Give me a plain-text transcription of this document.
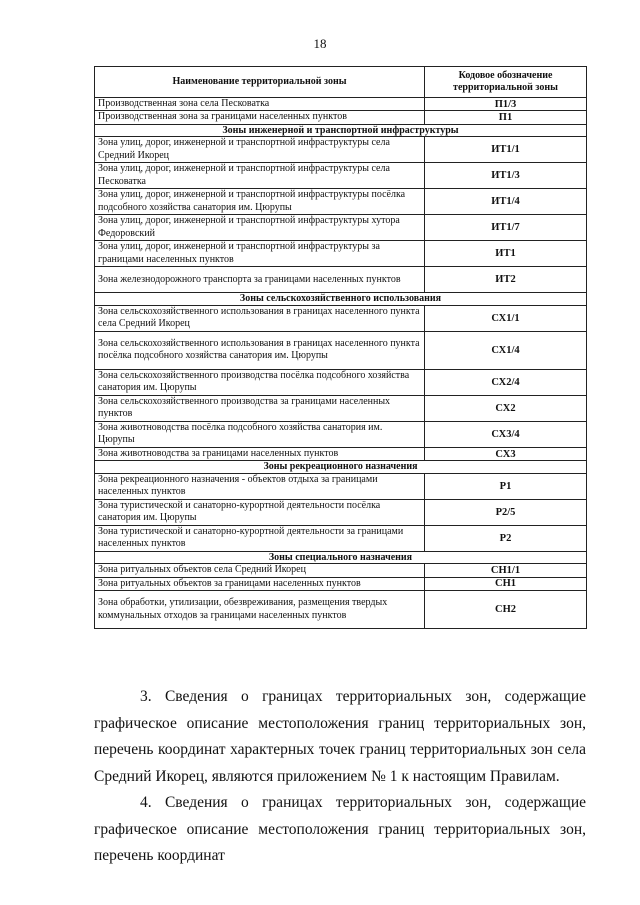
18
Наименование территориальной зоны	Кодовое обозначение территориальной зоны
Производственная зона села Песковатка	П1/3
Производственная зона за границами населенных пунктов	П1
Зоны инженерной и транспортной инфраструктуры	
Зона улиц, дорог, инженерной и транспортной инфраструктуры села Средний Икорец	ИТ1/1
Зона улиц, дорог, инженерной и транспортной инфраструктуры села Песковатка	ИТ1/3
Зона улиц, дорог, инженерной и транспортной инфраструктуры посёлка подсобного хозяйства санатория им. Цюрупы	ИТ1/4
Зона улиц, дорог, инженерной и транспортной инфраструктуры хутора Федоровский	ИТ1/7
Зона улиц, дорог, инженерной и транспортной инфраструктуры за границами населенных пунктов	ИТ1
Зона железнодорожного транспорта за границами населенных пунктов	ИТ2
Зоны сельскохозяйственного использования	
Зона сельскохозяйственного использования в границах населенного пункта села Средний Икорец	СХ1/1
Зона сельскохозяйственного использования в границах населенного пункта посёлка подсобного хозяйства санатория им. Цюрупы	СХ1/4
Зона сельскохозяйственного производства посёлка подсобного хозяйства санатория им. Цюрупы	СХ2/4
Зона сельскохозяйственного производства за границами населенных пунктов	СХ2
Зона животноводства посёлка подсобного хозяйства санатория им. Цюрупы	СХ3/4
Зона животноводства за границами населенных пунктов	СХ3
Зоны рекреационного назначения	
Зона рекреационного назначения - объектов отдыха за границами населенных пунктов	Р1
Зона туристической и санаторно-курортной деятельности посёлка санатория им. Цюрупы	Р2/5
Зона туристической и санаторно-курортной деятельности за границами населенных пунктов	Р2
Зоны специального назначения	
Зона ритуальных объектов села Средний Икорец	СН1/1
Зона ритуальных объектов за границами населенных пунктов	СН1
Зона обработки, утилизации, обезвреживания, размещения твердых коммунальных отходов за границами населенных пунктов	СН2

3. Сведения о границах территориальных зон, содержащие графическое описание местоположения границ территориальных зон, перечень координат характерных точек границ территориальных зон села Средний Икорец, являются приложением № 1 к настоящим Правилам.

4. Сведения о границах территориальных зон, содержащие графическое описание местоположения границ территориальных зон, перечень координат
